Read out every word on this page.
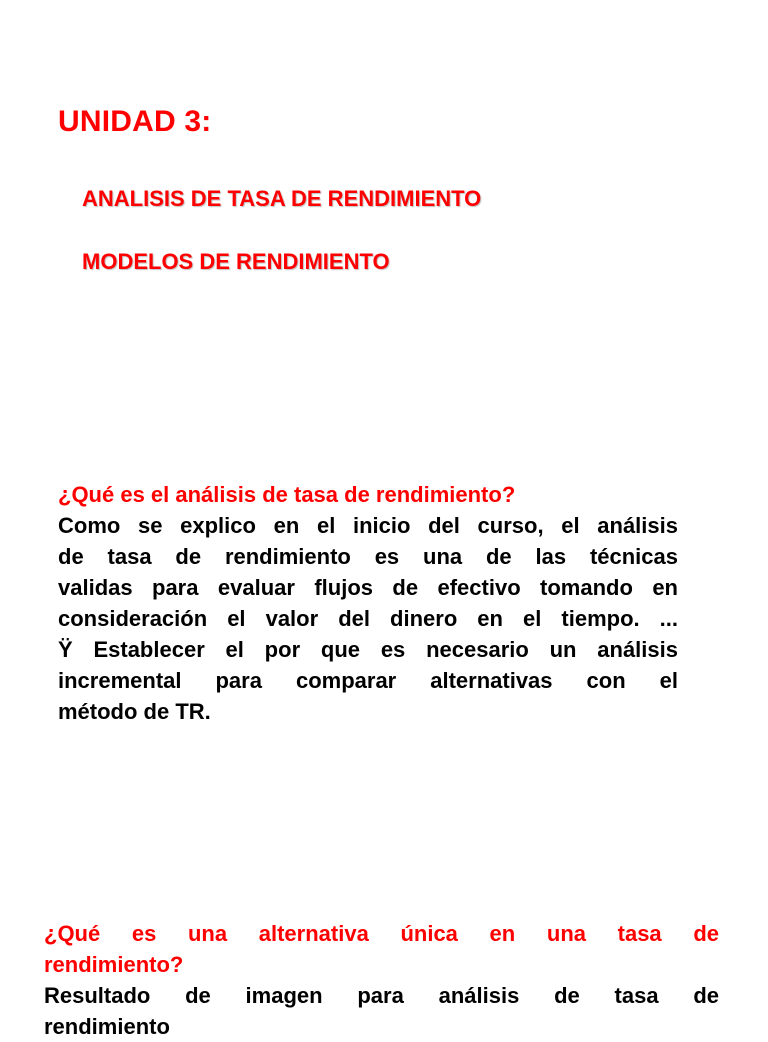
UNIDAD 3:
ANALISIS DE TASA DE RENDIMIENTO
MODELOS DE RENDIMIENTO
¿Qué es el análisis de tasa de rendimiento?
Como se explico en el inicio del curso, el análisis
de tasa de rendimiento es una de las técnicas
validas para evaluar flujos de efectivo tomando en
consideración el valor del dinero en el tiempo. ...
Ÿ Establecer el por que es necesario un análisis
incremental para comparar alternativas con el
método de TR.
¿Qué es una alternativa única en una tasa de
rendimiento?
Resultado de imagen para análisis de tasa de
rendimiento
